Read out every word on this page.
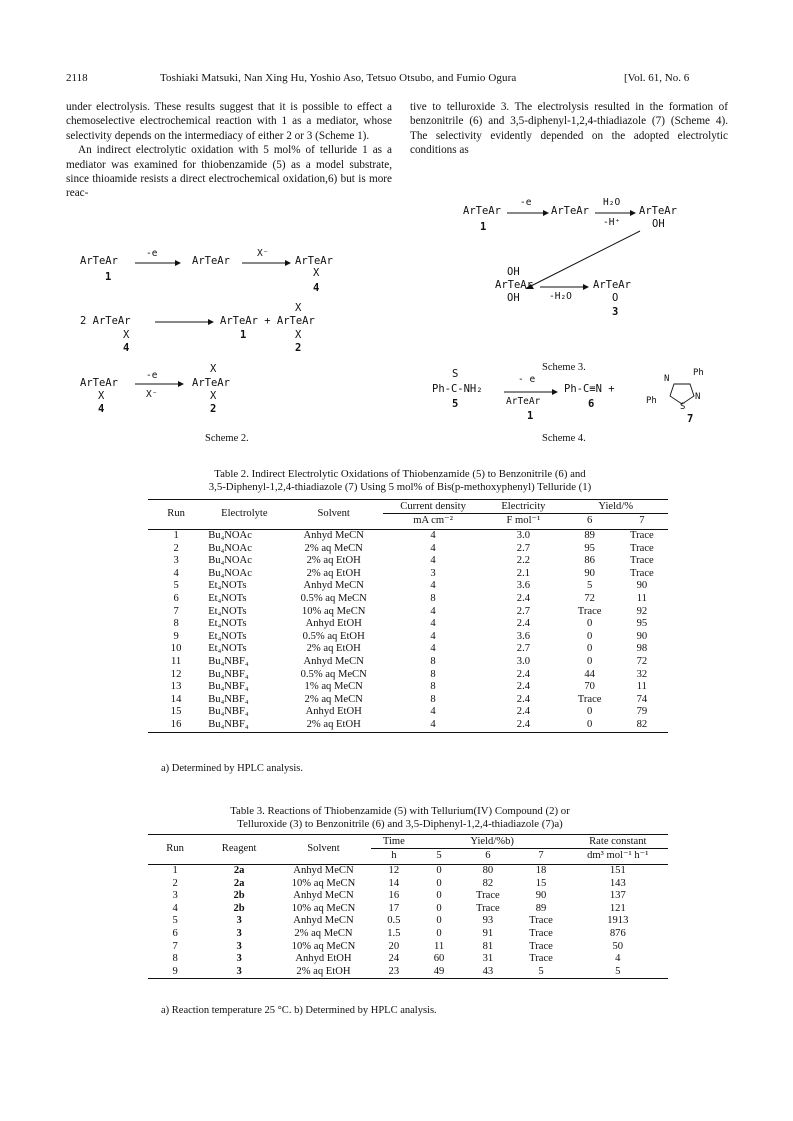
2118	Toshiaki Matsuki, Nan Xing Hu, Yoshio Aso, Tetsuo Otsubo, and Fumio Ogura	[Vol. 61, No. 6

under electrolysis. These results suggest that it is possible to effect a chemoselective electrochemical reaction with 1 as a mediator, whose selectivity depends on the intermediacy of either 2 or 3 (Scheme 1).

An indirect electrolytic oxidation with 5 mol% of telluride 1 as a mediator was examined for thiobenzamide (5) as a model substrate, since thioamide resists a direct electrochemical oxidation,6) but is more reac-

tive to telluroxide 3. The electrolysis resulted in the formation of benzonitrile (6) and 3,5-diphenyl-1,2,4-thiadiazole (7) (Scheme 4). The selectivity evidently depended on the adopted electrolytic conditions as

ArTeAr
-e
ArTeAr
X⁻
ArTeAr
X
1
4
X
2 ArTeAr	ArTeAr + ArTeAr
X	X
4
1
2
X
ArTeAr
-e
X⁻
ArTeAr
X	X
4	2
Scheme 2.
ArTeAr
-e
ArTeAr
H₂O
-H⁺
ArTeAr
OH
1
OH
ArTeAr
OH	-H₂O
ArTeAr
O
3
Scheme 3.
S
Ph-C-NH₂
5
- e
ArTeAr
1
Ph-C≡N +
6
N
Ph
N
Ph
S
7
Scheme 4.
Table 2. Indirect Electrolytic Oxidations of Thiobenzamide (5) to Benzonitrile (6) and
3,5-Diphenyl-1,2,4-thiadiazole (7) Using 5 mol% of Bis(p-methoxyphenyl) Telluride (1)
Run	Electrolyte	Solvent	Current density	Electricity	Yield/%	
			mA cm⁻²	F mol⁻¹	6	7

1	Bu₄NOAc	Anhyd MeCN	4	3.0	89	Trace
2	Bu₄NOAc	2% aq MeCN	4	2.7	95	Trace
3	Bu₄NOAc	2% aq EtOH	4	2.2	86	Trace
4	Bu₄NOAc	2% aq EtOH	3	2.1	90	Trace
5	Et₄NOTs	Anhyd MeCN	4	3.6	5	90
6	Et₄NOTs	0.5% aq MeCN	8	2.4	72	11
7	Et₄NOTs	10% aq MeCN	4	2.7	Trace	92
8	Et₄NOTs	Anhyd EtOH	4	2.4	0	95
9	Et₄NOTs	0.5% aq EtOH	4	3.6	0	90
10	Et₄NOTs	2% aq EtOH	4	2.7	0	98
11	Bu₄NBF₄	Anhyd MeCN	8	3.0	0	72
12	Bu₄NBF₄	0.5% aq MeCN	8	2.4	44	32
13	Bu₄NBF₄	1% aq MeCN	8	2.4	70	11
14	Bu₄NBF₄	2% aq MeCN	8	2.4	Trace	74
15	Bu₄NBF₄	Anhyd EtOH	4	2.4	0	79
16	Bu₄NBF₄	2% aq EtOH	4	2.4	0	82
a) Determined by HPLC analysis.
Table 3. Reactions of Thiobenzamide (5) with Tellurium(IV) Compound (2) or
Telluroxide (3) to Benzonitrile (6) and 3,5-Diphenyl-1,2,4-thiadiazole (7)a)
Run	Reagent	Solvent	Time	Yield/%b)			Rate constant
			h	5	6	7	dm³ mol⁻¹ h⁻¹

1	2a	Anhyd MeCN	12	0	80	18	151
2	2a	10% aq MeCN	14	0	82	15	143
3	2b	Anhyd MeCN	16	0	Trace	90	137
4	2b	10% aq MeCN	17	0	Trace	89	121
5	3	Anhyd MeCN	0.5	0	93	Trace	1913
6	3	2% aq MeCN	1.5	0	91	Trace	876
7	3	10% aq MeCN	20	11	81	Trace	50
8	3	Anhyd EtOH	24	60	31	Trace	4
9	3	2% aq EtOH	23	49	43	5	5
a) Reaction temperature 25 °C. b) Determined by HPLC analysis.
